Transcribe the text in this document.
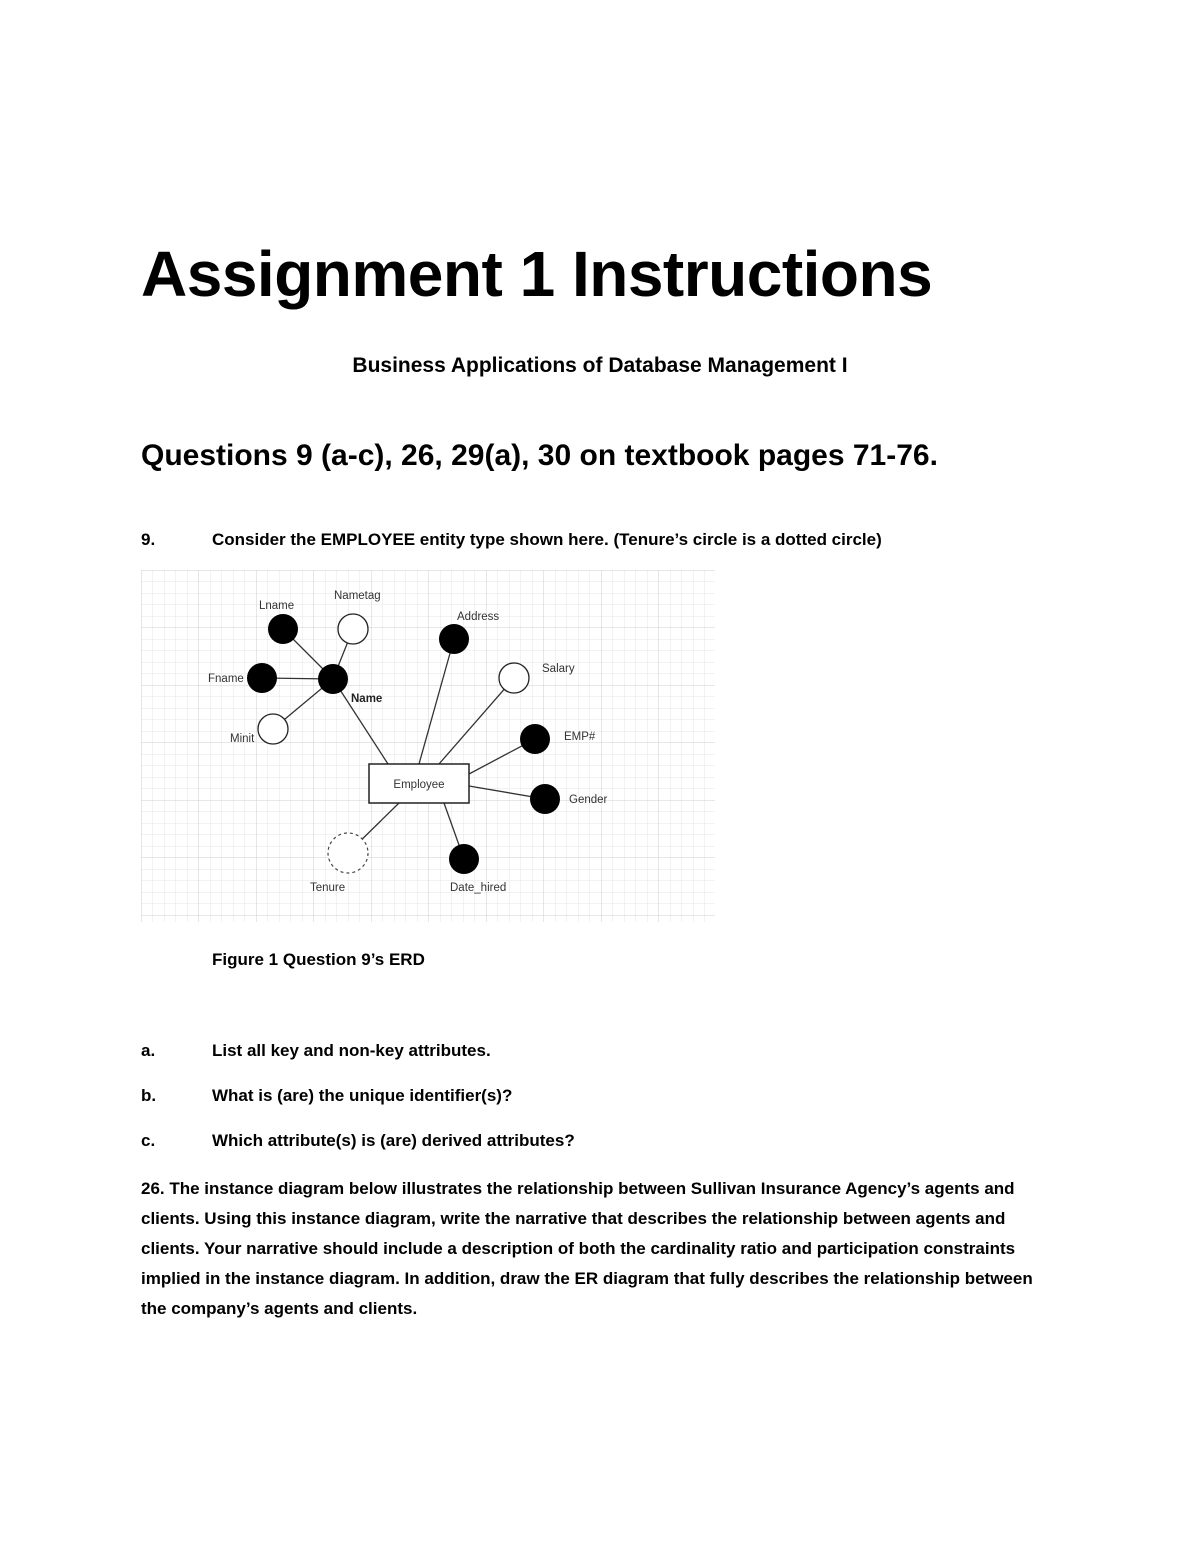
Assignment 1 Instructions
Business Applications of Database Management I
Questions 9 (a-c), 26, 29(a), 30 on textbook pages 71-76.
9.	Consider the EMPLOYEE entity type shown here. (Tenure’s circle is a dotted circle)
Employee
Lname
Nametag
Address
Fname
Name
Salary
Minit	EMP#
Gender
Tenure	Date_hired
Figure 1 Question 9’s ERD
a.	List all key and non-key attributes.
b.	What is (are) the unique identifier(s)?
c.	Which attribute(s) is (are) derived attributes?
26. The instance diagram below illustrates the relationship between Sullivan Insurance Agency’s agents and
clients. Using this instance diagram, write the narrative that describes the relationship between agents and
clients. Your narrative should include a description of both the cardinality ratio and participation constraints
implied in the instance diagram. In addition, draw the ER diagram that fully describes the relationship between
the company’s agents and clients.
